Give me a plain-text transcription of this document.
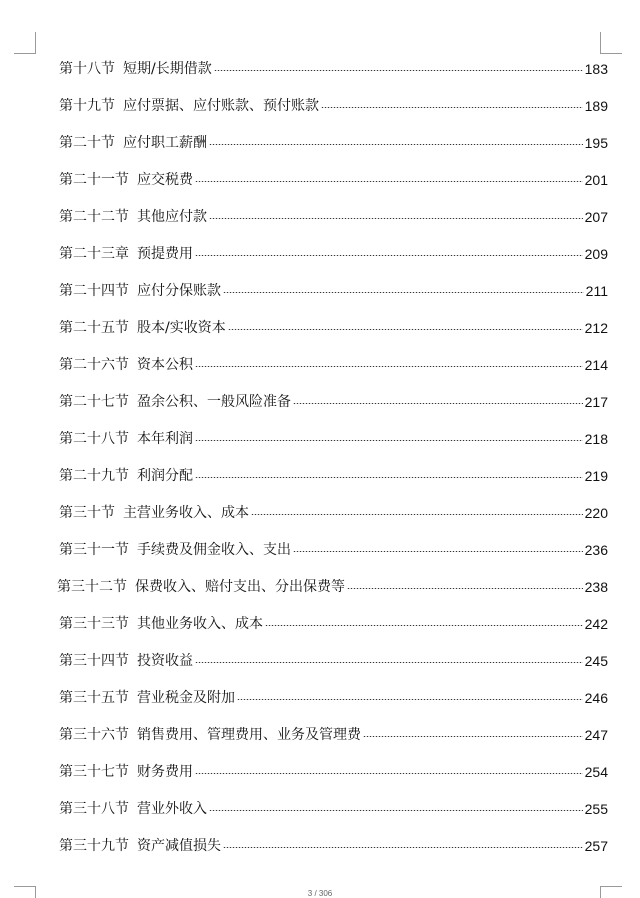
第十八节 短期/长期借款	183
第十九节 应付票据、应付账款、预付账款	189
第二十节 应付职工薪酬	195
第二十一节 应交税费	201
第二十二节 其他应付款	207
第二十三章 预提费用	209
第二十四节 应付分保账款	211
第二十五节 股本/实收资本	212
第二十六节 资本公积	214
第二十七节 盈余公积、一般风险准备	217
第二十八节 本年利润	218
第二十九节 利润分配	219
第三十节 主营业务收入、成本	220
第三十一节 手续费及佣金收入、支出	236
第三十二节 保费收入、赔付支出、分出保费等	238
第三十三节 其他业务收入、成本	242
第三十四节 投资收益	245
第三十五节 营业税金及附加	246
第三十六节 销售费用、管理费用、业务及管理费	247
第三十七节 财务费用	254
第三十八节 营业外收入	255
第三十九节 资产减值损失	257
3 / 306
